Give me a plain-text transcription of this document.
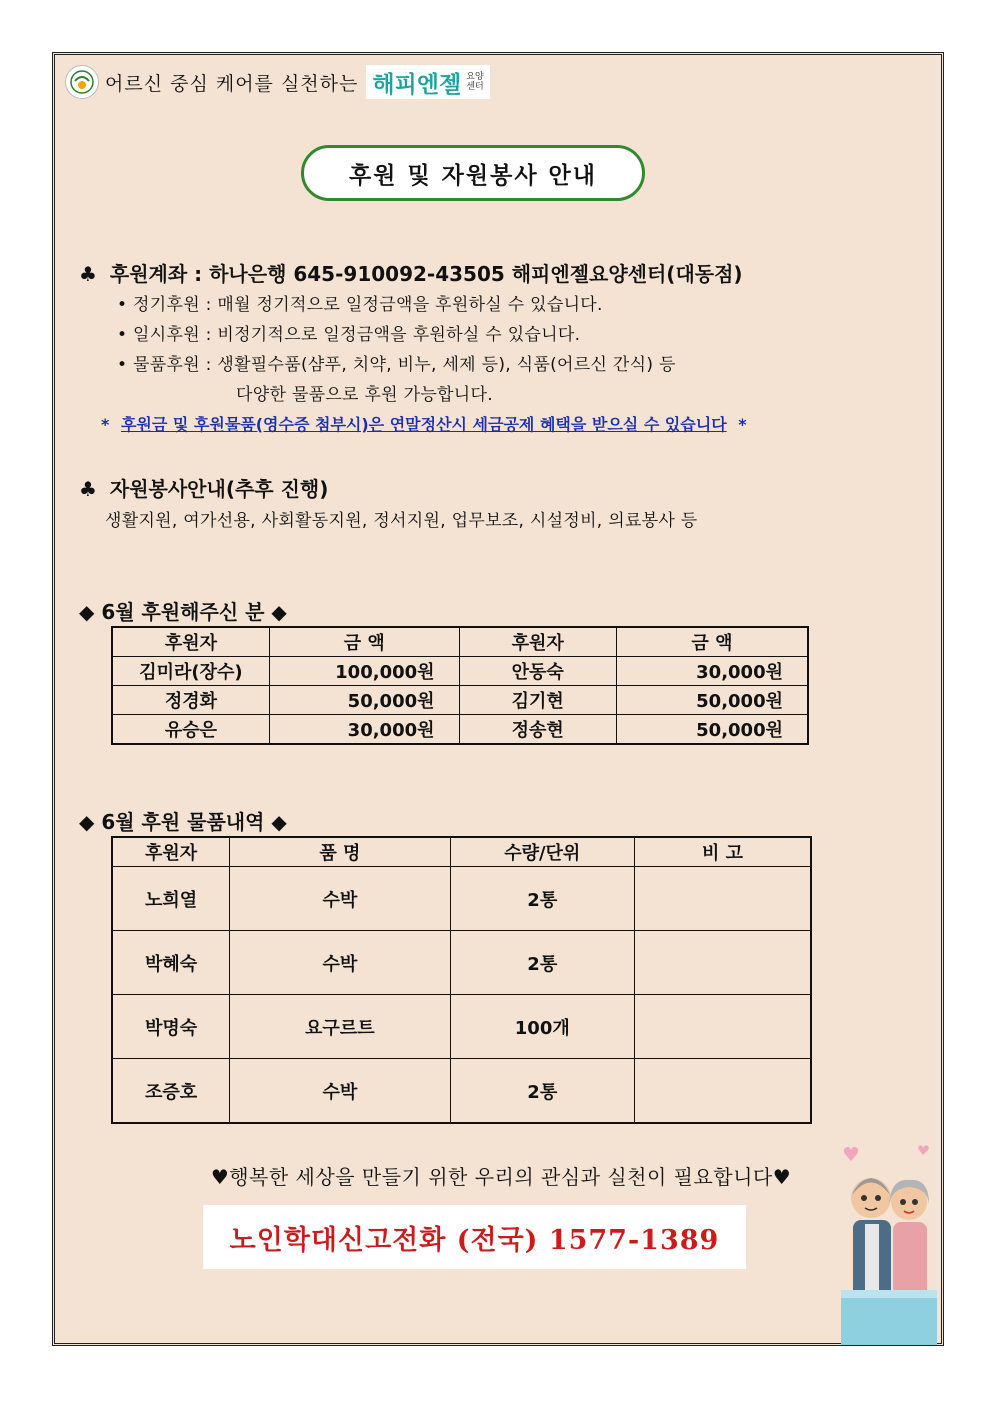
어르신 중심 케어를 실천하는 해피엔젤 요양
센터
후원 및 자원봉사 안내
♣ 후원계좌 : 하나은행 645-910092-43505 해피엔젤요양센터(대동점)
• 정기후원 : 매월 정기적으로 일정금액을 후원하실 수 있습니다.
• 일시후원 : 비정기적으로 일정금액을 후원하실 수 있습니다.
• 물품후원 : 생활필수품(샴푸, 치약, 비누, 세제 등), 식품(어르신 간식) 등
다양한 물품으로 후원 가능합니다.
* 후원금 및 후원물품(영수증 첨부시)은 연말정산시 세금공제 혜택을 받으실 수 있습니다 *
♣ 자원봉사안내(추후 진행)
생활지원, 여가선용, 사회활동지원, 정서지원, 업무보조, 시설정비, 의료봉사 등
◆ 6월 후원해주신 분 ◆
후원자	금 액	후원자	금 액
김미라(장수)	100,000원	안동숙	30,000원
정경화	50,000원	김기현	50,000원
유승은	30,000원	정송현	50,000원
◆ 6월 후원 물품내역 ◆
후원자	품 명	수량/단위	비 고
노희열	수박	2통	
박혜숙	수박	2통	
박명숙	요구르트	100개	
조증호	수박	2통	
♥행복한 세상을 만들기 위한 우리의 관심과 실천이 필요합니다♥
노인학대신고전화 (전국) 1577-1389
